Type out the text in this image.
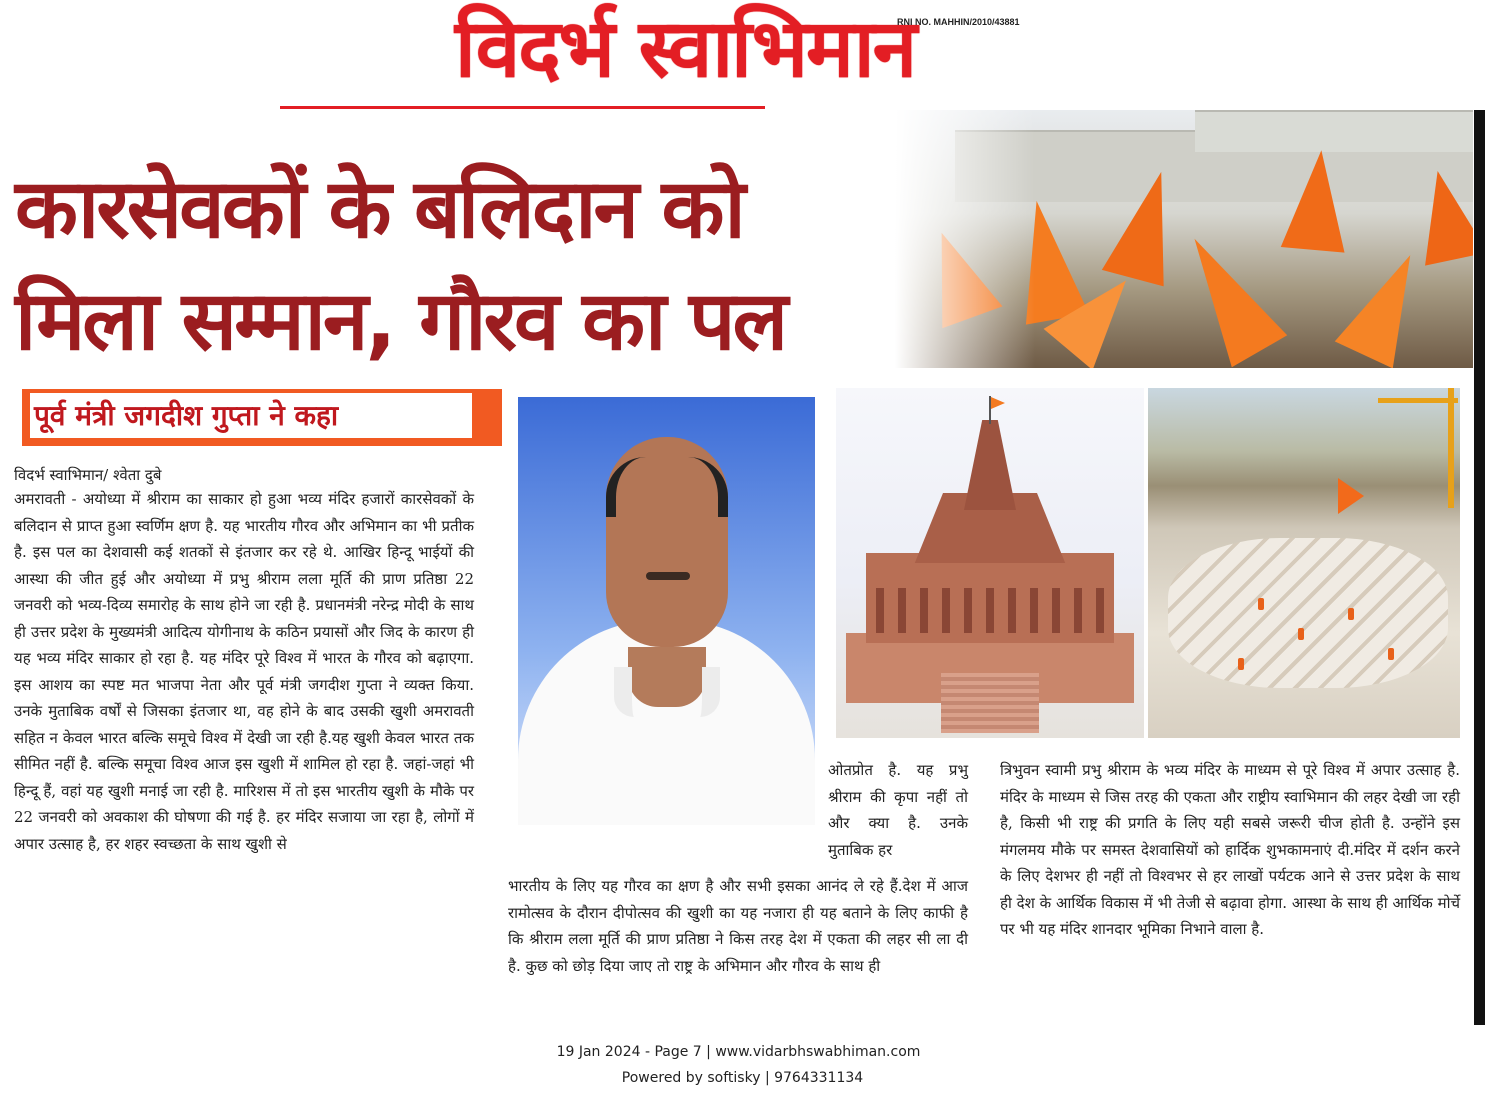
विदर्भ स्वाभिमान
RNI NO. MAHHIN/2010/43881
कारसेवकों के बलिदान को
मिला सम्मान, गौरव का पल
पूर्व मंत्री जगदीश गुप्ता ने कहा
विदर्भ स्वाभिमान/ श्वेता दुबे
अमरावती - अयोध्या में श्रीराम का साकार हो हुआ भव्य मंदिर हजारों कारसेवकों के बलिदान से प्राप्त हुआ स्वर्णिम क्षण है. यह भारतीय गौरव और अभिमान का भी प्रतीक है. इस पल का देशवासी कई शतकों से इंतजार कर रहे थे. आखिर हिन्दू भाईयों की आस्था की जीत हुई और अयोध्या में प्रभु श्रीराम लला मूर्ति की प्राण प्रतिष्ठा 22 जनवरी को भव्य-दिव्य समारोह के साथ होने जा रही है. प्रधानमंत्री नरेन्द्र मोदी के साथ ही उत्तर प्रदेश के मुख्यमंत्री आदित्य योगीनाथ के कठिन प्रयासों और जिद के कारण ही यह भव्य मंदिर साकार हो रहा है. यह मंदिर पूरे विश्व में भारत के गौरव को बढ़ाएगा. इस आशय का स्पष्ट मत भाजपा नेता और पूर्व मंत्री जगदीश गुप्ता ने व्यक्त किया. उनके मुताबिक वर्षों से जिसका इंतजार था, वह होने के बाद उसकी खुशी अमरावती सहित न केवल भारत बल्कि समूचे विश्व में देखी जा रही है.यह खुशी केवल भारत तक सीमित नहीं है. बल्कि समूचा विश्व आज इस खुशी में शामिल हो रहा है. जहां-जहां भी हिन्दू हैं, वहां यह खुशी मनाई जा रही है. मारिशस में तो इस भारतीय खुशी के मौके पर 22 जनवरी को अवकाश की घोषणा की गई है. हर मंदिर सजाया जा रहा है, लोगों में अपार उत्साह है, हर शहर स्वच्छता के साथ खुशी से
ओतप्रोत है. यह प्रभु श्रीराम की कृपा नहीं तो और क्या है. उनके मुताबिक हर
भारतीय के लिए यह गौरव का क्षण है और सभी इसका आनंद ले रहे हैं.देश में आज रामोत्सव के दौरान दीपोत्सव की खुशी का यह नजारा ही यह बताने के लिए काफी है कि श्रीराम लला मूर्ति की प्राण प्रतिष्ठा ने किस तरह देश में एकता की लहर सी ला दी है. कुछ को छोड़ दिया जाए तो राष्ट्र के अभिमान और गौरव के साथ ही
त्रिभुवन स्वामी प्रभु श्रीराम के भव्य मंदिर के माध्यम से पूरे विश्व में अपार उत्साह है. मंदिर के माध्यम से जिस तरह की एकता और राष्ट्रीय स्वाभिमान की लहर देखी जा रही है, किसी भी राष्ट्र की प्रगति के लिए यही सबसे जरूरी चीज होती है. उन्होंने इस मंगलमय मौके पर समस्त देशवासियों को हार्दिक शुभकामनाएं दी.मंदिर में दर्शन करने के लिए देशभर ही नहीं तो विश्वभर से हर लाखों पर्यटक आने से उत्तर प्रदेश के साथ ही देश के आर्थिक विकास में भी तेजी से बढ़ावा होगा. आस्था के साथ ही आर्थिक मोर्चे पर भी यह मंदिर शानदार भूमिका निभाने वाला है.
19 Jan 2024 - Page 7 | www.vidarbhswabhiman.com
Powered by softisky | 9764331134
